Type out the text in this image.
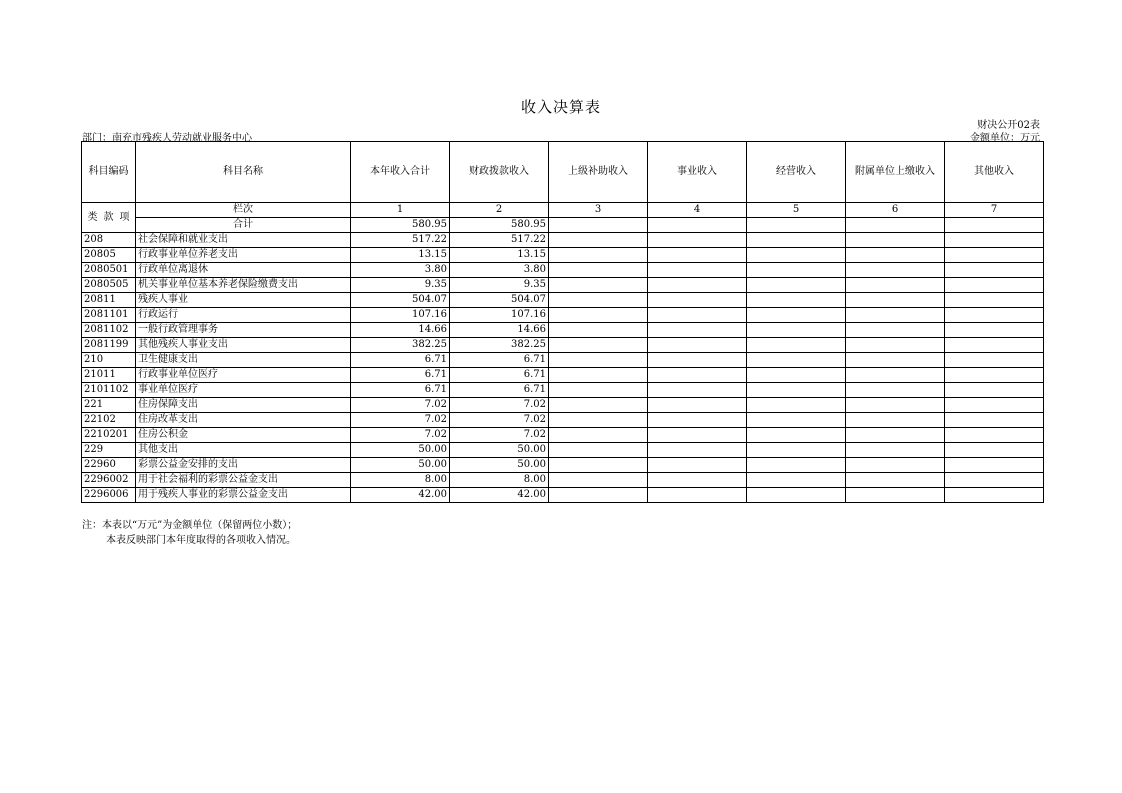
收入决算表
财决公开02表
部门：南充市残疾人劳动就业服务中心	金额单位：万元
科目编码	科目名称	本年收入合计	财政拨款收入	上级补助收入	事业收入	经营收入	附属单位上缴收入	其他收入
类 款 项	栏次	1	2	3	4	5	6	7
	合计	580.95	580.95					
208	社会保障和就业支出	517.22	517.22					
20805	行政事业单位养老支出	13.15	13.15					
2080501	行政单位离退休	3.80	3.80					
2080505	机关事业单位基本养老保险缴费支出	9.35	9.35					
20811	残疾人事业	504.07	504.07					
2081101	行政运行	107.16	107.16					
2081102	一般行政管理事务	14.66	14.66					
2081199	其他残疾人事业支出	382.25	382.25					
210	卫生健康支出	6.71	6.71					
21011	行政事业单位医疗	6.71	6.71					
2101102	事业单位医疗	6.71	6.71					
221	住房保障支出	7.02	7.02					
22102	住房改革支出	7.02	7.02					
2210201	住房公积金	7.02	7.02					
229	其他支出	50.00	50.00					
22960	彩票公益金安排的支出	50.00	50.00					
2296002	用于社会福利的彩票公益金支出	8.00	8.00					
2296006	用于残疾人事业的彩票公益金支出	42.00	42.00					
注：本表以“万元”为金额单位（保留两位小数）；
本表反映部门本年度取得的各项收入情况。
